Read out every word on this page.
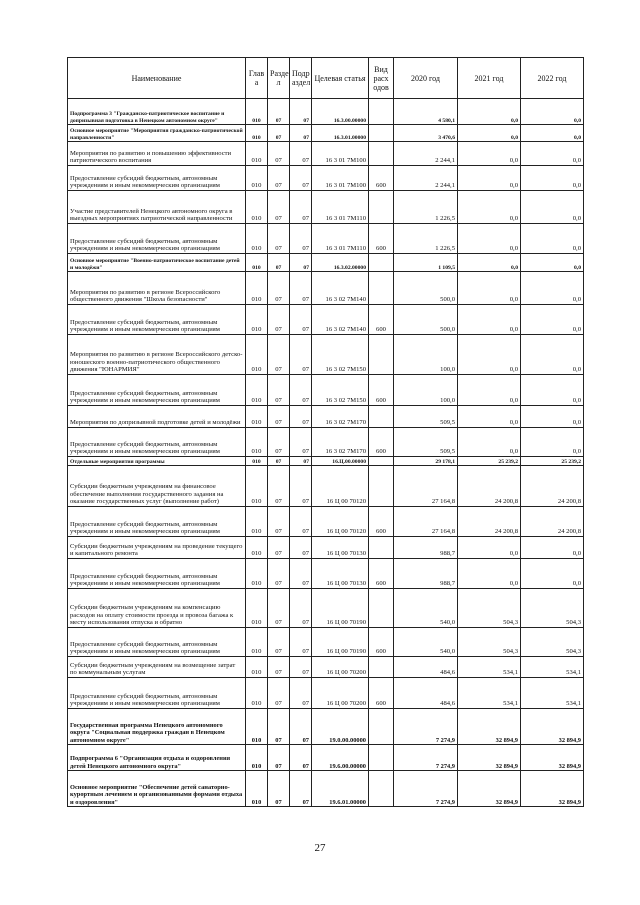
Наименование	Глав а	Разде л	Подр аздел	Целевая статья	Вид расх одов	2020 год	2021 год	2022 год
Подпрограмма 3 "Гражданско-патриотическое воспитание и допризывная подготовка в Ненецком автономном округе"	010	07	07	16.3.00.00000		4 580,1	0,0	0,0
Основное мероприятие "Мероприятия гражданско-патриотической направленности"	010	07	07	16.3.01.00000		3 470,6	0,0	0,0
Мероприятия по развитию и повышению эффективности патриотического воспитания	010	07	07	16 3 01 7М100		2 244,1	0,0	0,0
Предоставление субсидий бюджетным, автономным учреждениям и иным некоммерческим организациям	010	07	07	16 3 01 7М100	600	2 244,1	0,0	0,0
Участие представителей Ненецкого автономного округа в выездных мероприятиях патриотической направленности	010	07	07	16 3 01 7М110		1 226,5	0,0	0,0
Предоставление субсидий бюджетным, автономным учреждениям и иным некоммерческим организациям	010	07	07	16 3 01 7М110	600	1 226,5	0,0	0,0
Основное мероприятие "Военно-патриотическое воспитание детей и молодёжи"	010	07	07	16.3.02.00000		1 109,5	0,0	0,0
Мероприятия по развитию в регионе Всероссийского общественного движения "Школа безопасности"	010	07	07	16 3 02 7М140		500,0	0,0	0,0
Предоставление субсидий бюджетным, автономным учреждениям и иным некоммерческим организациям	010	07	07	16 3 02 7М140	600	500,0	0,0	0,0
Мероприятия по развитию в регионе Всероссийского детско-юношеского военно-патриотического общественного движения "ЮНАРМИЯ"	010	07	07	16 3 02 7М150		100,0	0,0	0,0
Предоставление субсидий бюджетным, автономным учреждениям и иным некоммерческим организациям	010	07	07	16 3 02 7М150	600	100,0	0,0	0,0
Мероприятия по допризывной подготовке детей и молодёжи	010	07	07	16 3 02 7М170		509,5	0,0	0,0
Предоставление субсидий бюджетным, автономным учреждениям и иным некоммерческим организациям	010	07	07	16 3 02 7М170	600	509,5	0,0	0,0
Отдельные мероприятия программы	010	07	07	16.Ц.00.00000		29 178,1	25 239,2	25 239,2
Субсидии бюджетным учреждениям на финансовое обеспечение выполнения государственного задания на оказание государственных услуг (выполнение работ)	010	07	07	16 Ц 00 70120		27 164,8	24 200,8	24 200,8
Предоставление субсидий бюджетным, автономным учреждениям и иным некоммерческим организациям	010	07	07	16 Ц 00 70120	600	27 164,8	24 200,8	24 200,8
Субсидии бюджетным учреждениям на проведение текущего и капитального ремонта	010	07	07	16 Ц 00 70130		988,7	0,0	0,0
Предоставление субсидий бюджетным, автономным учреждениям и иным некоммерческим организациям	010	07	07	16 Ц 00 70130	600	988,7	0,0	0,0
Субсидии бюджетным учреждениям на компенсацию расходов на оплату стоимости проезда и провоза багажа к месту использования отпуска и обратно	010	07	07	16 Ц 00 70190		540,0	504,3	504,3
Предоставление субсидий бюджетным, автономным учреждениям и иным некоммерческим организациям	010	07	07	16 Ц 00 70190	600	540,0	504,3	504,3
Субсидии бюджетным учреждениям на возмещение затрат по коммунальным услугам	010	07	07	16 Ц 00 70200		484,6	534,1	534,1
Предоставление субсидий бюджетным, автономным учреждениям и иным некоммерческим организациям	010	07	07	16 Ц 00 70200	600	484,6	534,1	534,1
Государственная программа Ненецкого автономного округа "Социальная поддержка граждан в Ненецком автономном округе"	010	07	07	19.0.00.00000		7 274,9	32 894,9	32 894,9
Подпрограмма 6 "Организация отдыха и оздоровления детей Ненецкого автономного округа"	010	07	07	19.6.00.00000		7 274,9	32 894,9	32 894,9
Основное мероприятие "Обеспечение детей санаторно-курортным лечением и организованными формами отдыха и оздоровления"	010	07	07	19.6.01.00000		7 274,9	32 894,9	32 894,9
27
